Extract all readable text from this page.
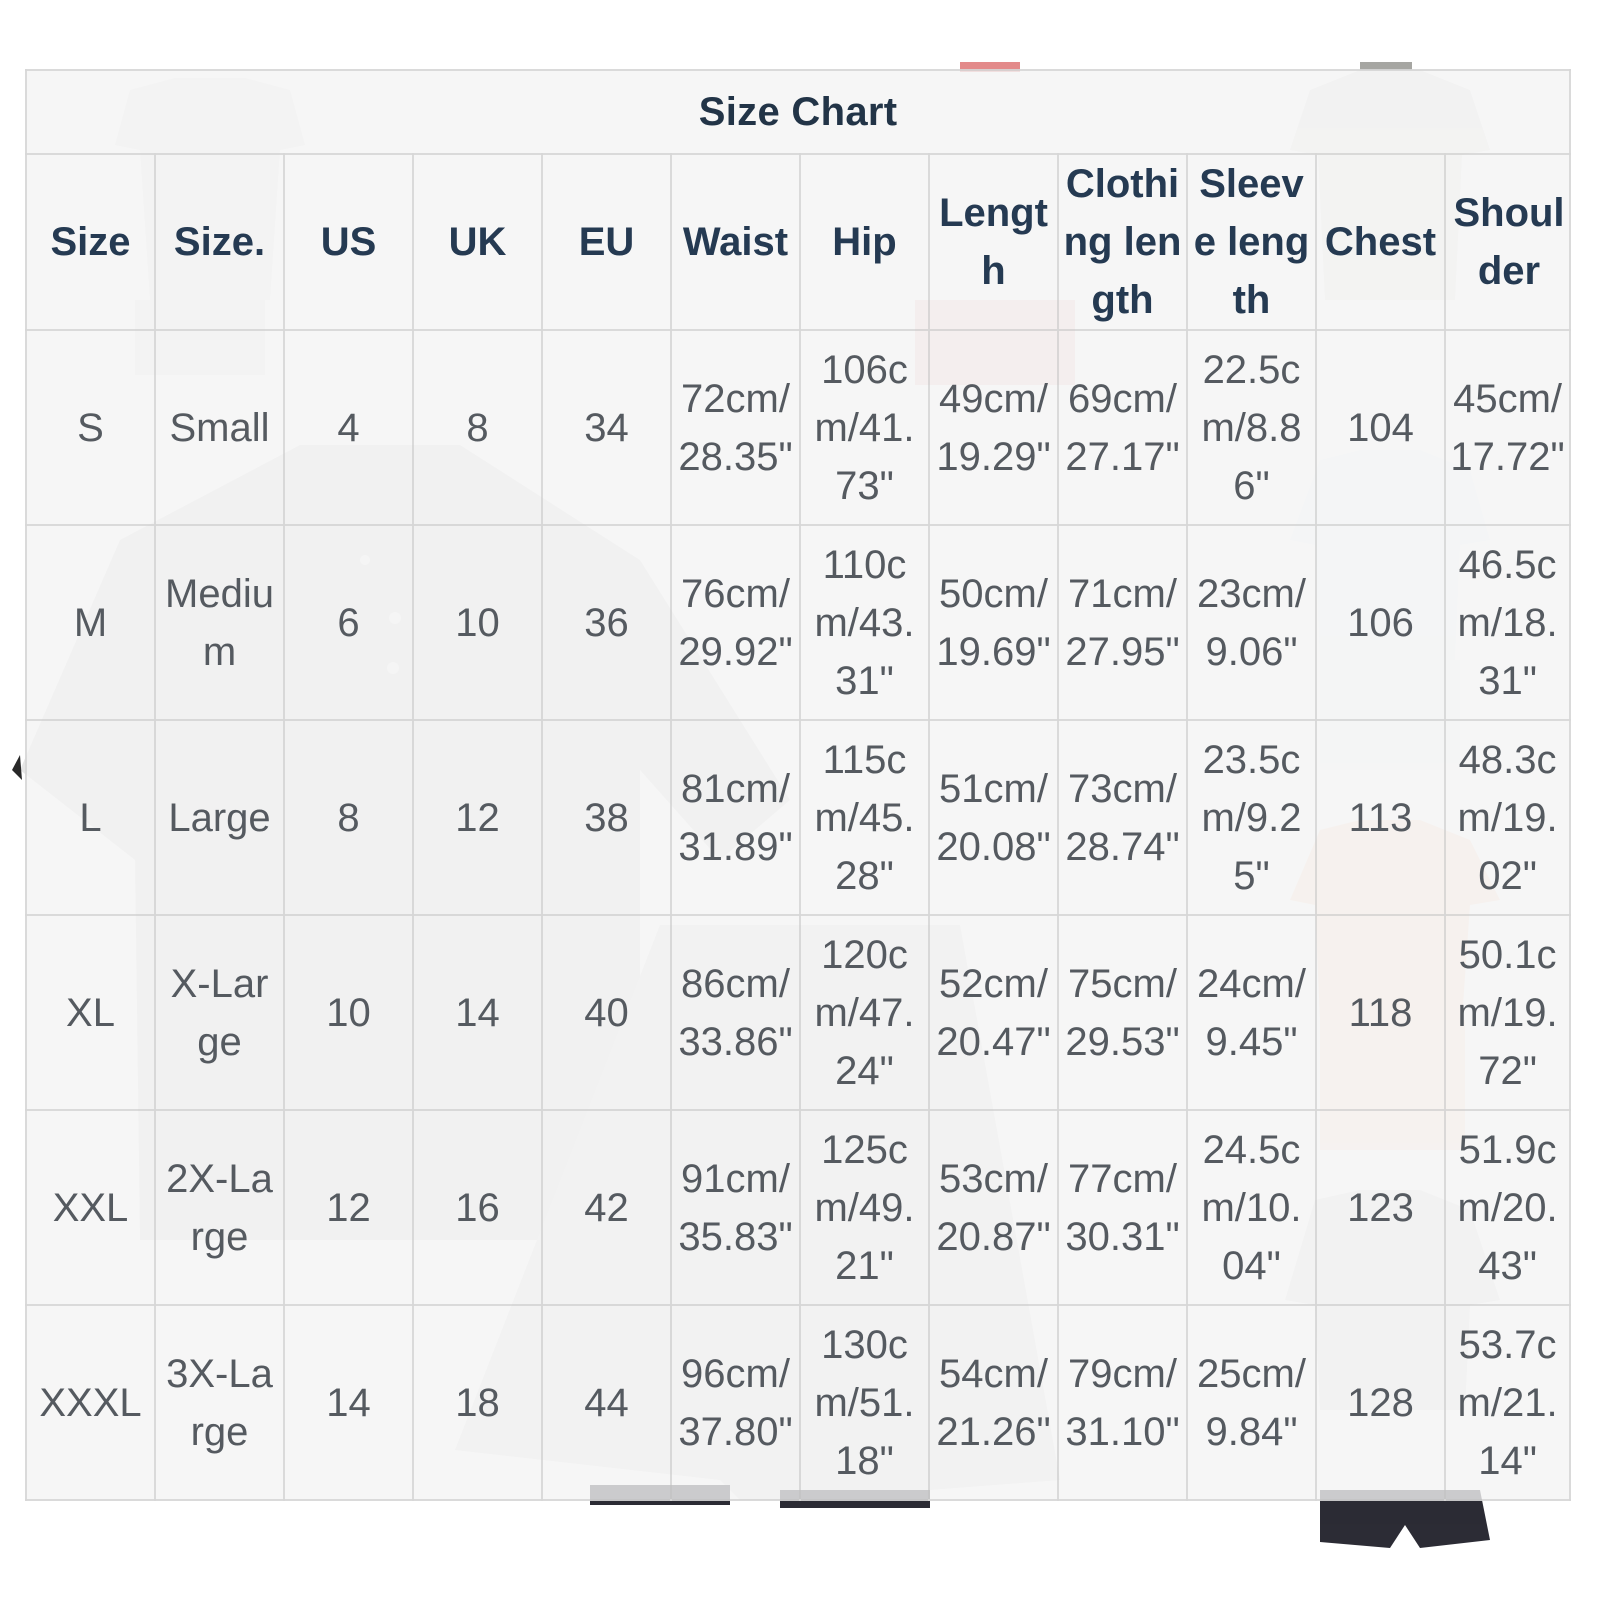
Size Chart											

Size	Size.	US	UK	EU	Waist	Hip	Length	Clothing length	Sleeve length	Chest	Shoulder

S	Small	4	8	34	72cm/28.35"	106cm/41.73"	49cm/19.29"	69cm/27.17"	22.5cm/8.86"	104	45cm/17.72"

M	Medium	6	10	36	76cm/29.92"	110cm/43.31"	50cm/19.69"	71cm/27.95"	23cm/9.06"	106	46.5cm/18.31"

L	Large	8	12	38	81cm/31.89"	115cm/45.28"	51cm/20.08"	73cm/28.74"	23.5cm/9.25"	113	48.3cm/19.02"

XL	X-Large	10	14	40	86cm/33.86"	120cm/47.24"	52cm/20.47"	75cm/29.53"	24cm/9.45"	118	50.1cm/19.72"

XXL	2X-Large	12	16	42	91cm/35.83"	125cm/49.21"	53cm/20.87"	77cm/30.31"	24.5cm/10.04"	123	51.9cm/20.43"

XXXL	3X-Large	14	18	44	96cm/37.80"	130cm/51.18"	54cm/21.26"	79cm/31.10"	25cm/9.84"	128	53.7cm/21.14"
